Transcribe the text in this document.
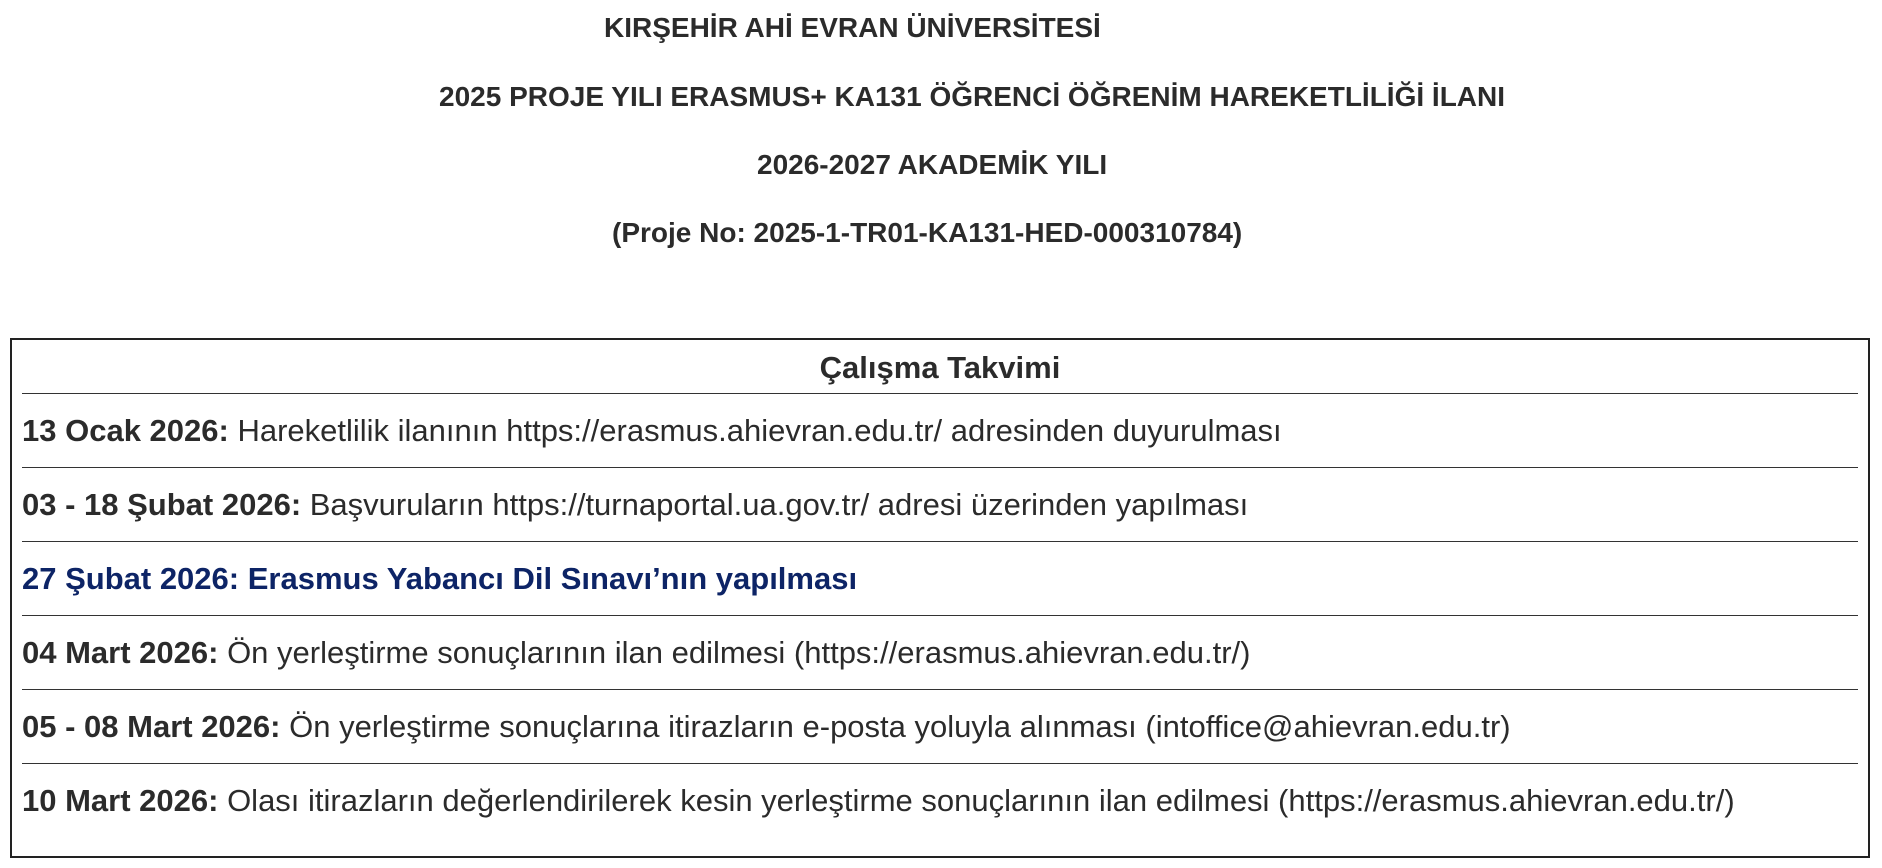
KIRŞEHİR AHİ EVRAN ÜNİVERSİTESİ
2025 PROJE YILI ERASMUS+ KA131 ÖĞRENCİ ÖĞRENİM HAREKETLİLİĞİ İLANI
2026-2027 AKADEMİK YILI
(Proje No: 2025-1-TR01-KA131-HED-000310784)
Çalışma Takvimi
13 Ocak 2026: Hareketlilik ilanının https://erasmus.ahievran.edu.tr/ adresinden duyurulması
03 - 18 Şubat 2026: Başvuruların https://turnaportal.ua.gov.tr/ adresi üzerinden yapılması
27 Şubat 2026: Erasmus Yabancı Dil Sınavı’nın yapılması
04 Mart 2026: Ön yerleştirme sonuçlarının ilan edilmesi (https://erasmus.ahievran.edu.tr/)
05 - 08 Mart 2026: Ön yerleştirme sonuçlarına itirazların e-posta yoluyla alınması (intoffice@ahievran.edu.tr)
10 Mart 2026: Olası itirazların değerlendirilerek kesin yerleştirme sonuçlarının ilan edilmesi (https://erasmus.ahievran.edu.tr/)
